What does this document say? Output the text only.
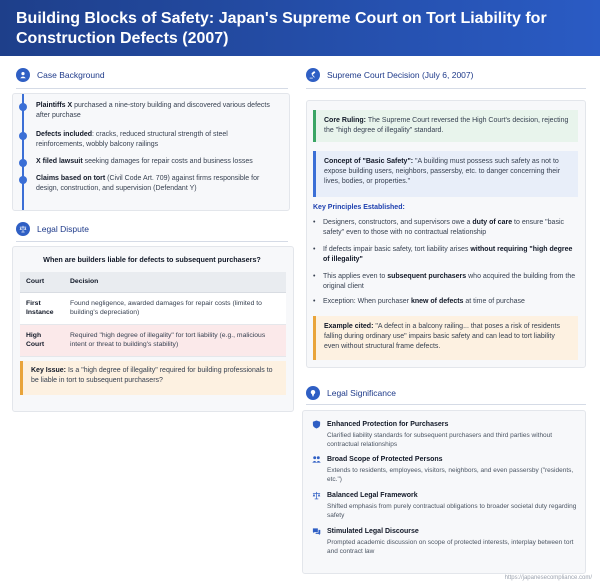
Building Blocks of Safety: Japan's Supreme Court on Tort Liability for Construction Defects (2007)
Case Background
Plaintiffs X purchased a nine-story building and discovered various defects after purchase
Defects included: cracks, reduced structural strength of steel reinforcements, wobbly balcony railings
X filed lawsuit seeking damages for repair costs and business losses
Claims based on tort (Civil Code Art. 709) against firms responsible for design, construction, and supervision (Defendant Y)
Legal Dispute
When are builders liable for defects to subsequent purchasers?
Court	Decision
First Instance	Found negligence, awarded damages for repair costs (limited to building's depreciation)
High Court	Required "high degree of illegality" for tort liability (e.g., malicious intent or threat to building's stability)
Key Issue: Is a "high degree of illegality" required for building professionals to be liable in tort to subsequent purchasers?
Supreme Court Decision (July 6, 2007)
Core Ruling: The Supreme Court reversed the High Court's decision, rejecting the "high degree of illegality" standard.
Concept of "Basic Safety": "A building must possess such safety as not to expose building users, neighbors, passersby, etc. to danger concerning their lives, bodies, or properties."
Key Principles Established:
• Designers, constructors, and supervisors owe a duty of care to ensure "basic safety" even to those with no contractual relationship
• If defects impair basic safety, tort liability arises without requiring "high degree of illegality"
• This applies even to subsequent purchasers who acquired the building from the original client
• Exception: When purchaser knew of defects at time of purchase
Example cited: "A defect in a balcony railing... that poses a risk of residents falling during ordinary use" impairs basic safety and can lead to tort liability even without structural frame defects.
Legal Significance
Enhanced Protection for Purchasers
Clarified liability standards for subsequent purchasers and third parties without contractual relationships
Broad Scope of Protected Persons
Extends to residents, employees, visitors, neighbors, and even passersby ("residents, etc.")
Balanced Legal Framework
Shifted emphasis from purely contractual obligations to broader societal duty regarding safety
Stimulated Legal Discourse
Prompted academic discussion on scope of protected interests, interplay between tort and contract law
https://japanesecompliance.com/
